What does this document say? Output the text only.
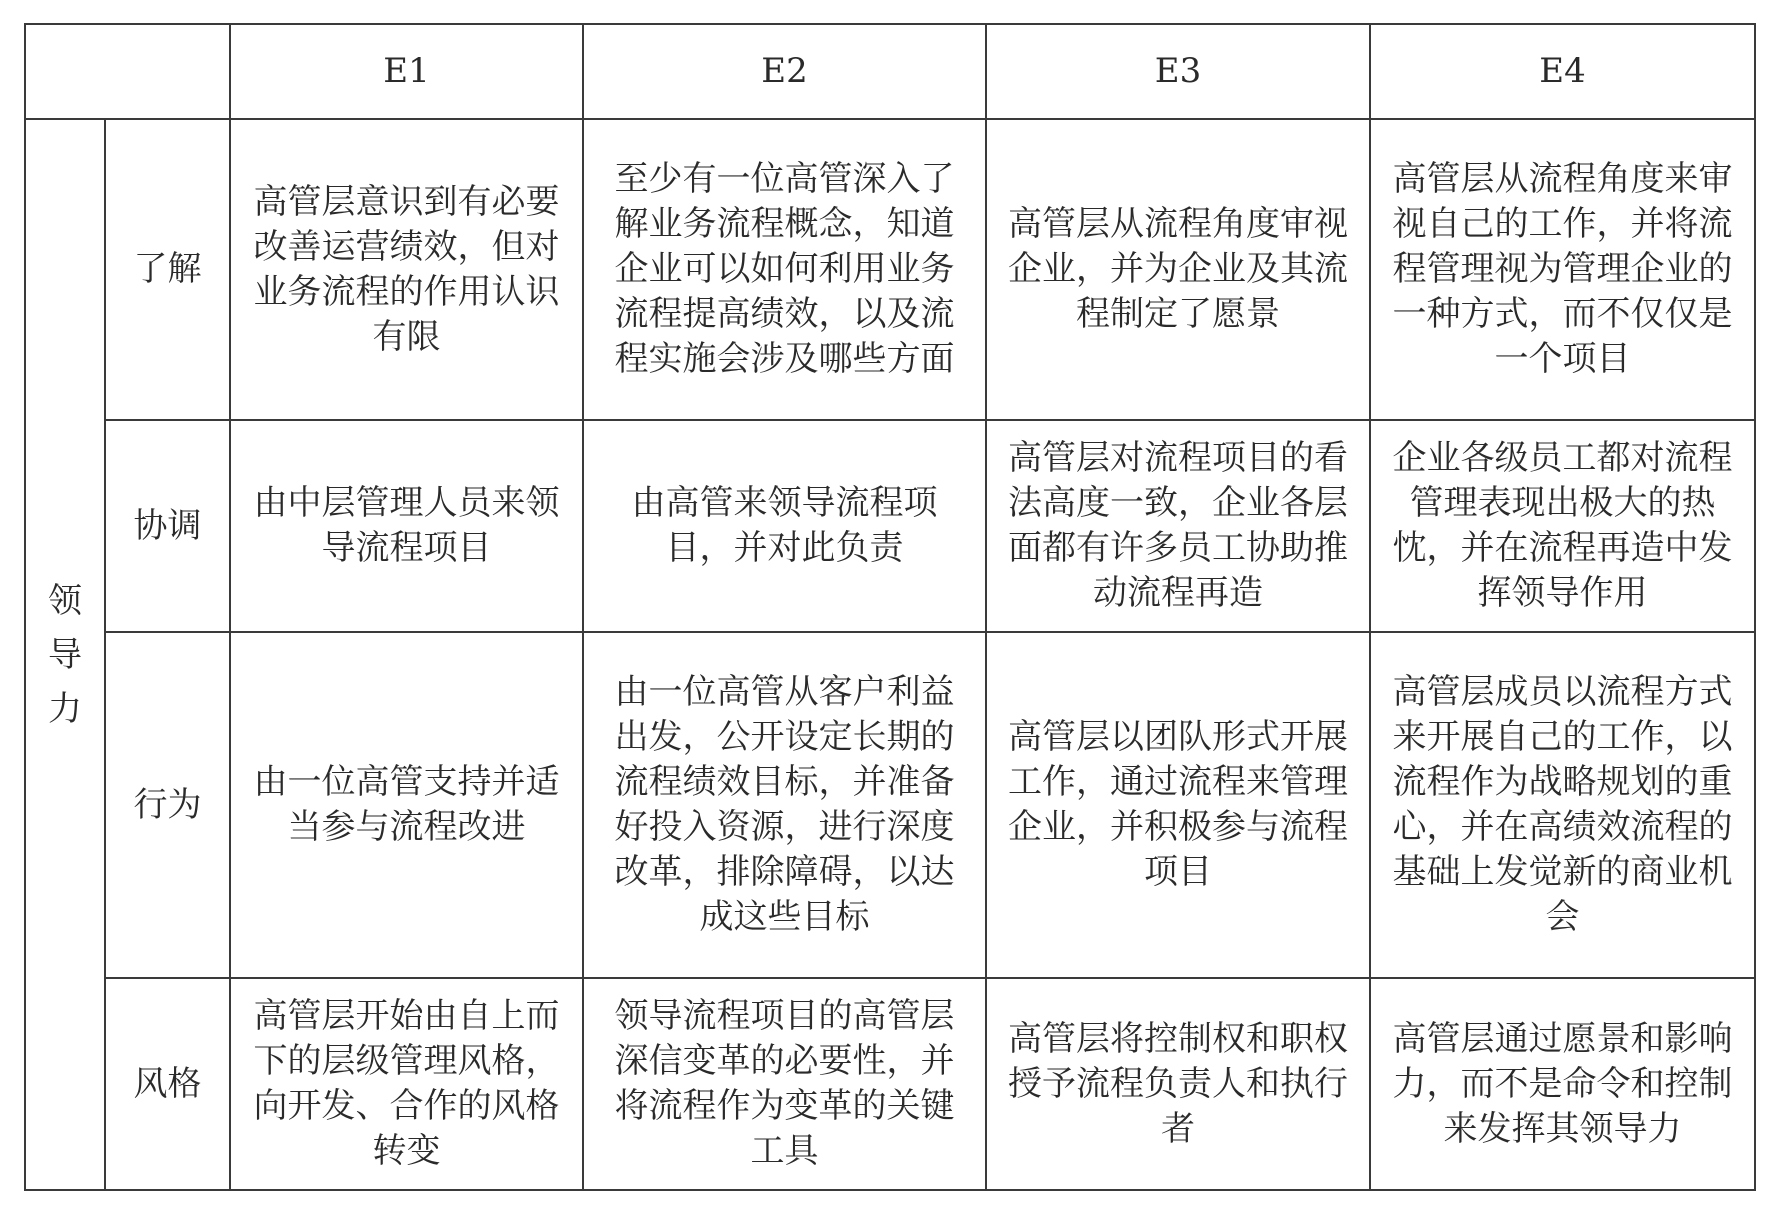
		E1	E2	E3	E4
领导力	了解	高管层意识到有必要改善运营绩效，但对业务流程的作用认识有限	至少有一位高管深入了解业务流程概念，知道企业可以如何利用业务流程提高绩效，以及流程实施会涉及哪些方面	高管层从流程角度审视企业，并为企业及其流程制定了愿景	高管层从流程角度来审视自己的工作，并将流程管理视为管理企业的一种方式，而不仅仅是一个项目
	协调	由中层管理人员来领导流程项目	由高管来领导流程项目，并对此负责	高管层对流程项目的看法高度一致，企业各层面都有许多员工协助推动流程再造	企业各级员工都对流程管理表现出极大的热忱，并在流程再造中发挥领导作用
	行为	由一位高管支持并适当参与流程改进	由一位高管从客户利益出发，公开设定长期的流程绩效目标，并准备好投入资源，进行深度改革，排除障碍，以达成这些目标	高管层以团队形式开展工作，通过流程来管理企业，并积极参与流程项目	高管层成员以流程方式来开展自己的工作，以流程作为战略规划的重心，并在高绩效流程的基础上发觉新的商业机会
	风格	高管层开始由自上而下的层级管理风格，向开发、合作的风格转变	领导流程项目的高管层深信变革的必要性，并将流程作为变革的关键工具	高管层将控制权和职权授予流程负责人和执行者	高管层通过愿景和影响力，而不是命令和控制来发挥其领导力
